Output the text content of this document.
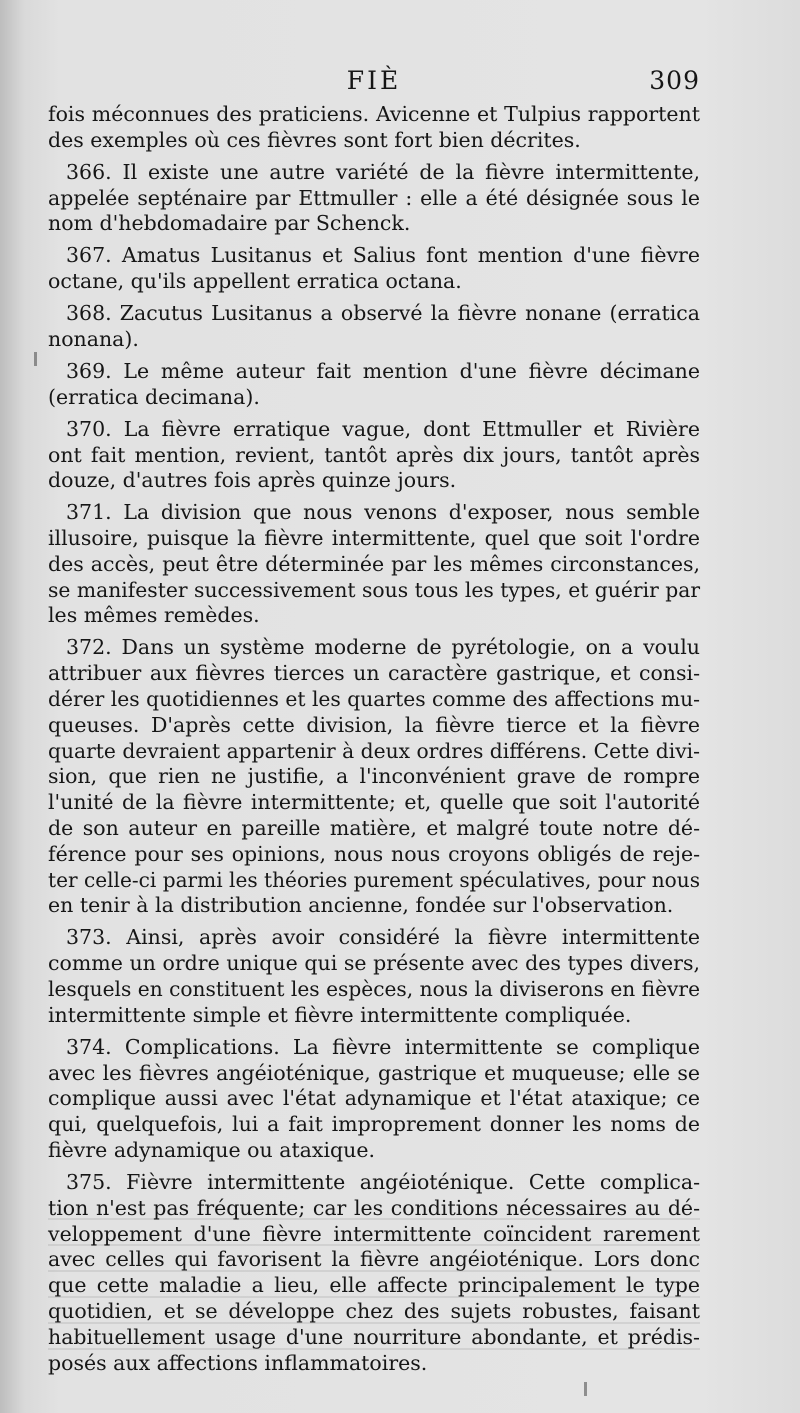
FIÈ	309
fois méconnues des praticiens. Avicenne et Tulpius rapportent
des exemples où ces fièvres sont fort bien décrites.
366. Il existe une autre variété de la fièvre intermittente,
appelée septénaire par Ettmuller : elle a été désignée sous le
nom d'hebdomadaire par Schenck.
367. Amatus Lusitanus et Salius font mention d'une fièvre
octane, qu'ils appellent erratica octana.
368. Zacutus Lusitanus a observé la fièvre nonane (erratica
nonana).
369. Le même auteur fait mention d'une fièvre décimane
(erratica decimana).
370. La fièvre erratique vague, dont Ettmuller et Rivière
ont fait mention, revient, tantôt après dix jours, tantôt après
douze, d'autres fois après quinze jours.
371. La division que nous venons d'exposer, nous semble
illusoire, puisque la fièvre intermittente, quel que soit l'ordre
des accès, peut être déterminée par les mêmes circonstances,
se manifester successivement sous tous les types, et guérir par
les mêmes remèdes.
372. Dans un système moderne de pyrétologie, on a voulu
attribuer aux fièvres tierces un caractère gastrique, et consi-
dérer les quotidiennes et les quartes comme des affections mu-
queuses. D'après cette division, la fièvre tierce et la fièvre
quarte devraient appartenir à deux ordres différens. Cette divi-
sion, que rien ne justifie, a l'inconvénient grave de rompre
l'unité de la fièvre intermittente; et, quelle que soit l'autorité
de son auteur en pareille matière, et malgré toute notre dé-
férence pour ses opinions, nous nous croyons obligés de reje-
ter celle-ci parmi les théories purement spéculatives, pour nous
en tenir à la distribution ancienne, fondée sur l'observation.
373. Ainsi, après avoir considéré la fièvre intermittente
comme un ordre unique qui se présente avec des types divers,
lesquels en constituent les espèces, nous la diviserons en fièvre
intermittente simple et fièvre intermittente compliquée.
374. Complications. La fièvre intermittente se complique
avec les fièvres angéioténique, gastrique et muqueuse; elle se
complique aussi avec l'état adynamique et l'état ataxique; ce
qui, quelquefois, lui a fait improprement donner les noms de
fièvre adynamique ou ataxique.
375. Fièvre intermittente angéioténique. Cette complica-
tion n'est pas fréquente; car les conditions nécessaires au dé-
veloppement d'une fièvre intermittente coïncident rarement
avec celles qui favorisent la fièvre angéioténique. Lors donc
que cette maladie a lieu, elle affecte principalement le type
quotidien, et se développe chez des sujets robustes, faisant
habituellement usage d'une nourriture abondante, et prédis-
posés aux affections inflammatoires.
